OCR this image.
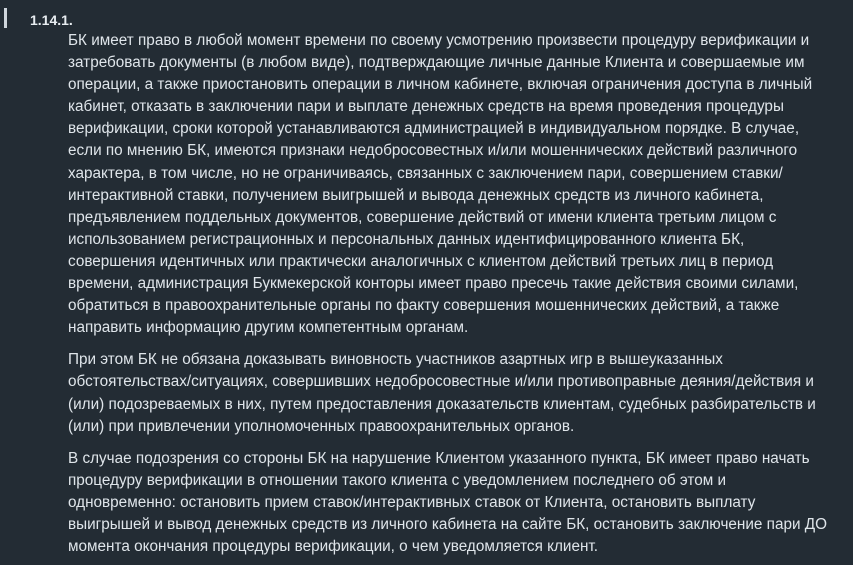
1.14.1.

БК имеет право в любой момент времени по своему усмотрению произвести процедуру верификации и затребовать документы (в любом виде), подтверждающие личные данные Клиента и совершаемые им операции, а также приостановить операции в личном кабинете, включая ограничения доступа в личный кабинет, отказать в заключении пари и выплате денежных средств на время проведения процедуры верификации, сроки которой устанавливаются администрацией в индивидуальном порядке. В случае, если по мнению БК, имеются признаки недобросовестных и/или мошеннических действий различного характера, в том числе, но не ограничиваясь, связанных с заключением пари, совершением ставки/интерактивной ставки, получением выигрышей и вывода денежных средств из личного кабинета, предъявлением поддельных документов, совершение действий от имени клиента третьим лицом с использованием регистрационных и персональных данных идентифицированного клиента БК, совершения идентичных или практически аналогичных с клиентом действий третьих лиц в период времени, администрация Букмекерской конторы имеет право пресечь такие действия своими силами, обратиться в правоохранительные органы по факту совершения мошеннических действий, а также направить информацию другим компетентным органам.

При этом БК не обязана доказывать виновность участников азартных игр в вышеуказанных обстоятельствах/ситуациях, совершивших недобросовестные и/или противоправные деяния/действия и (или) подозреваемых в них, путем предоставления доказательств клиентам, судебных разбирательств и (или) при привлечении уполномоченных правоохранительных органов.

В случае подозрения со стороны БК на нарушение Клиентом указанного пункта, БК имеет право начать процедуру верификации в отношении такого клиента с уведомлением последнего об этом и одновременно: остановить прием ставок/интерактивных ставок от Клиента, остановить выплату выигрышей и вывод денежных средств из личного кабинета на сайте БК, остановить заключение пари ДО момента окончания процедуры верификации, о чем уведомляется клиент.
